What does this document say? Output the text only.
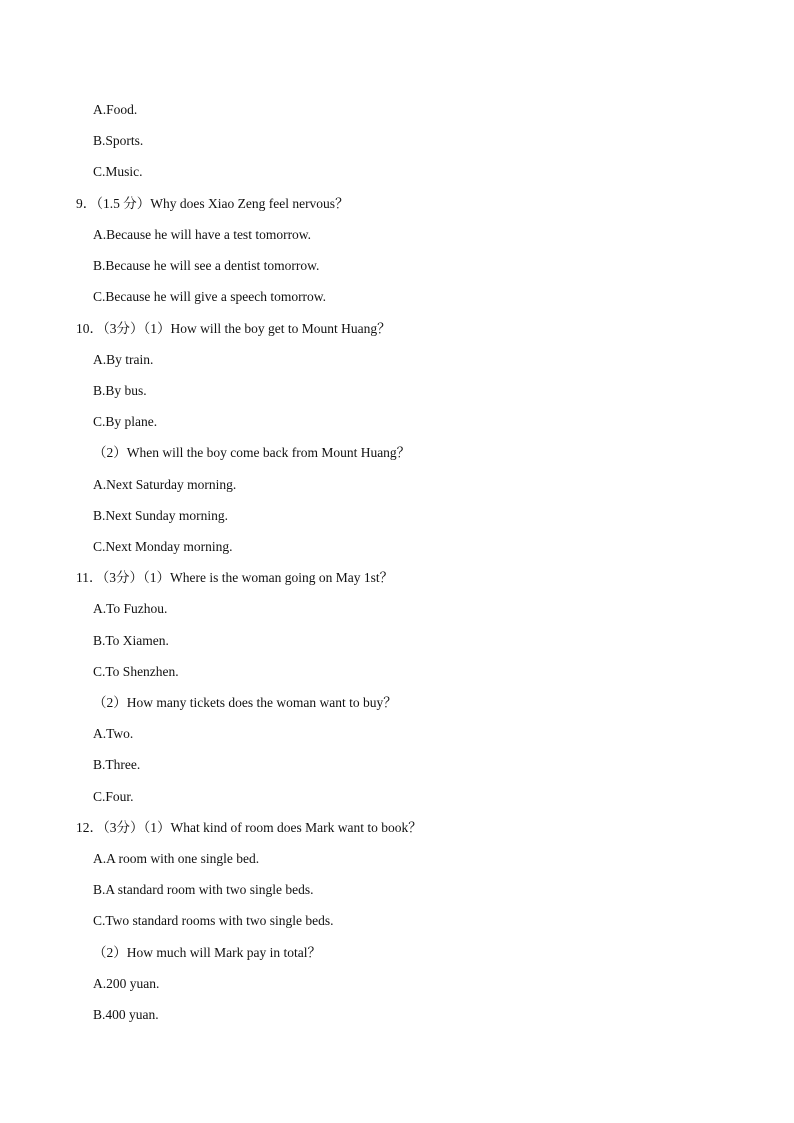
A.Food.
B.Sports.
C.Music.
9．（1.5 分）Why does Xiao Zeng feel nervous？
A.Because he will have a test tomorrow.
B.Because he will see a dentist tomorrow.
C.Because he will give a speech tomorrow.
10．（3分）（1）How will the boy get to Mount Huang？
A.By train.
B.By bus.
C.By plane.
（2）When will the boy come back from Mount Huang？
A.Next Saturday morning.
B.Next Sunday morning.
C.Next Monday morning.
11．（3分）（1）Where is the woman going on May 1st？
A.To Fuzhou.
B.To Xiamen.
C.To Shenzhen.
（2）How many tickets does the woman want to buy？
A.Two.
B.Three.
C.Four.
12．（3分）（1）What kind of room does Mark want to book？
A.A room with one single bed.
B.A standard room with two single beds.
C.Two standard rooms with two single beds.
（2）How much will Mark pay in total？
A.200 yuan.
B.400 yuan.
